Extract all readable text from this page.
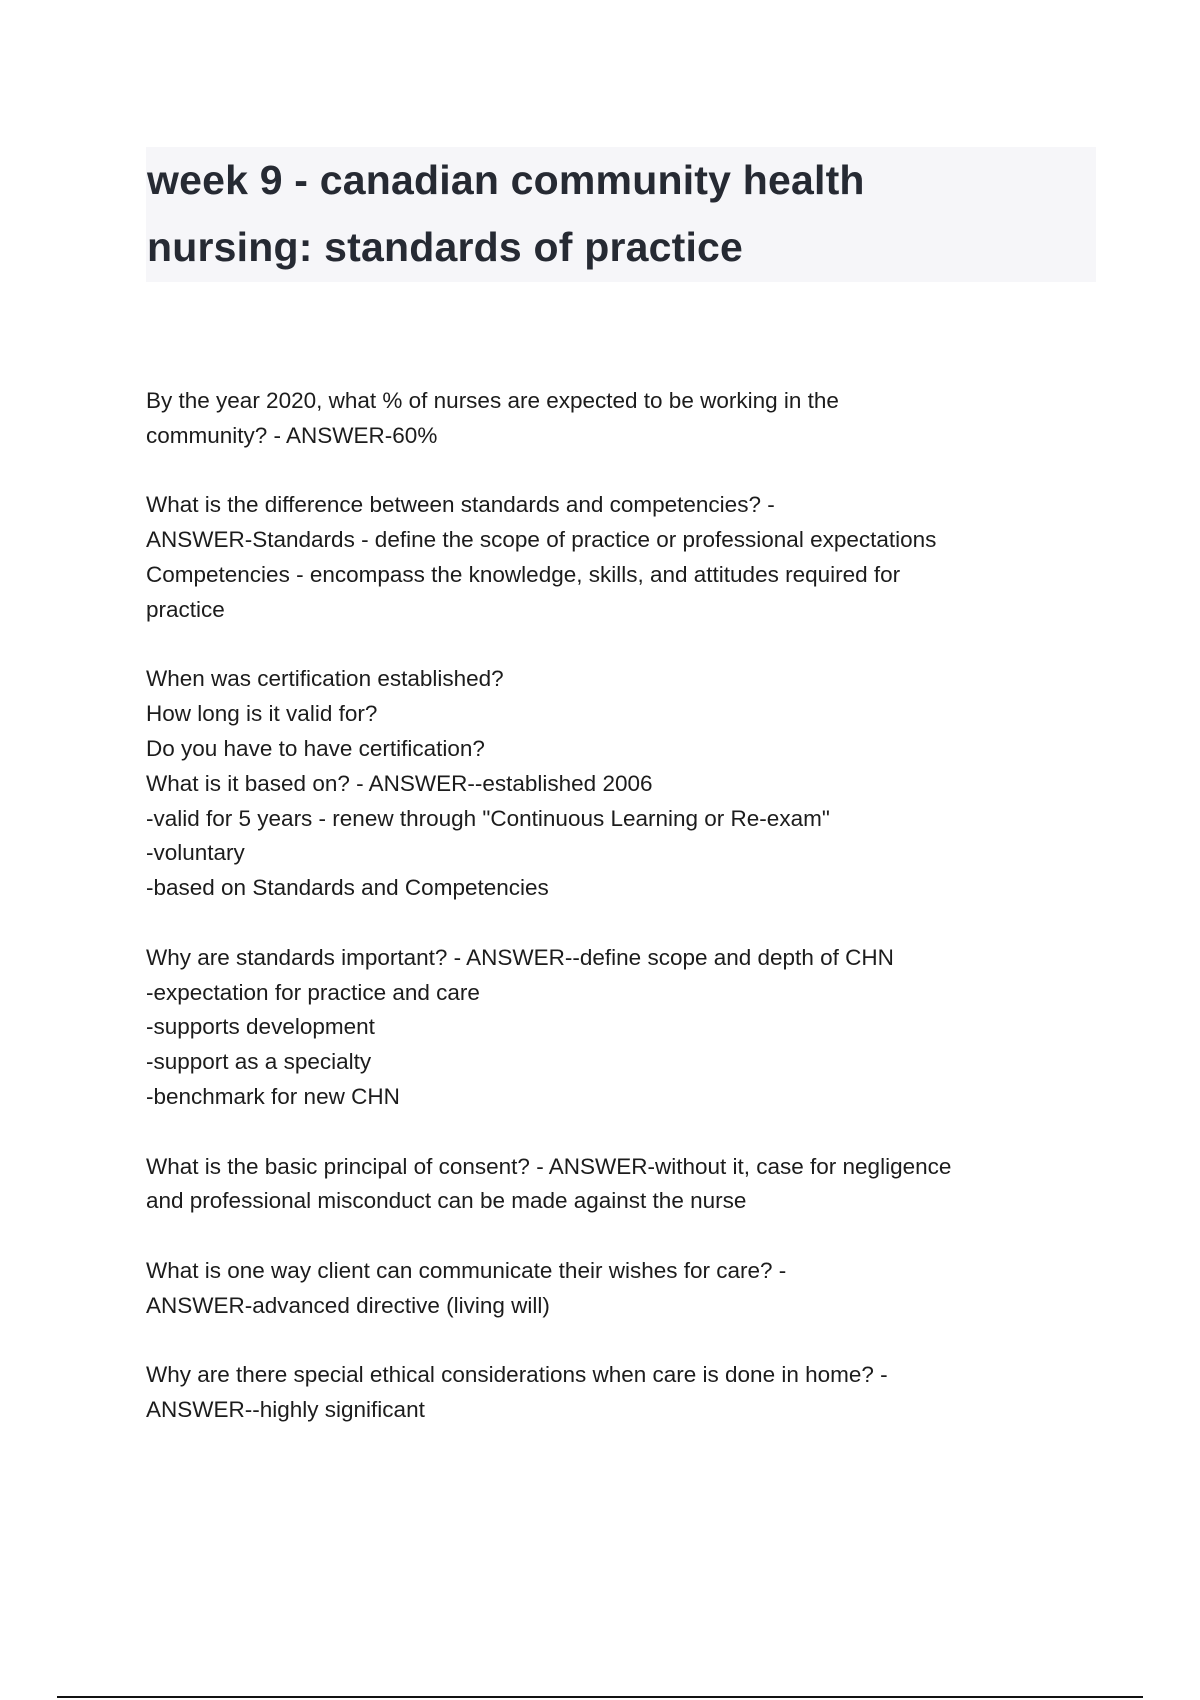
week 9 - canadian community health
nursing: standards of practice
By the year 2020, what % of nurses are expected to be working in the
community? - ANSWER-60%
What is the difference between standards and competencies? -
ANSWER-Standards - define the scope of practice or professional expectations
Competencies - encompass the knowledge, skills, and attitudes required for
practice
When was certification established?
How long is it valid for?
Do you have to have certification?
What is it based on? - ANSWER--established 2006
-valid for 5 years - renew through "Continuous Learning or Re-exam"
-voluntary
-based on Standards and Competencies
Why are standards important? - ANSWER--define scope and depth of CHN
-expectation for practice and care
-supports development
-support as a specialty
-benchmark for new CHN
What is the basic principal of consent? - ANSWER-without it, case for negligence
and professional misconduct can be made against the nurse
What is one way client can communicate their wishes for care? -
ANSWER-advanced directive (living will)
Why are there special ethical considerations when care is done in home? -
ANSWER--highly significant
